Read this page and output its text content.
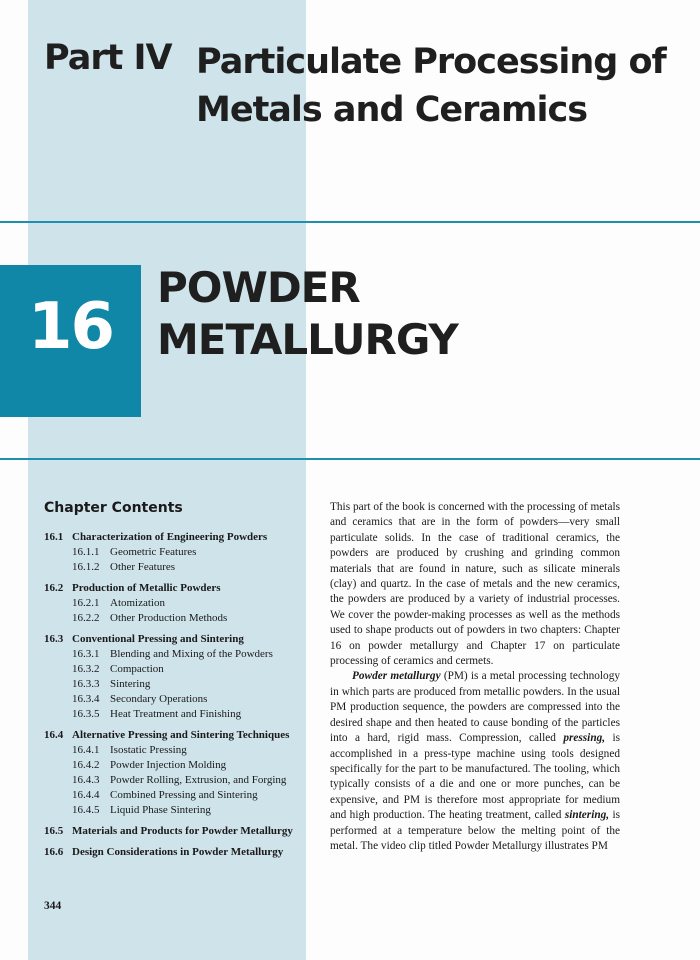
Part IV Particulate Processing of Metals and Ceramics
16
POWDER
METALLURGY
Chapter Contents
16.1 Characterization of Engineering Powders
16.1.1 Geometric Features
16.1.2 Other Features
16.2 Production of Metallic Powders
16.2.1 Atomization
16.2.2 Other Production Methods
16.3 Conventional Pressing and Sintering
16.3.1 Blending and Mixing of the Powders
16.3.2 Compaction
16.3.3 Sintering
16.3.4 Secondary Operations
16.3.5 Heat Treatment and Finishing
16.4 Alternative Pressing and Sintering Techniques
16.4.1 Isostatic Pressing
16.4.2 Powder Injection Molding
16.4.3 Powder Rolling, Extrusion, and Forging
16.4.4 Combined Pressing and Sintering
16.4.5 Liquid Phase Sintering
16.5 Materials and Products for Powder Metallurgy
16.6 Design Considerations in Powder Metallurgy

This part of the book is concerned with the processing of metals and ceramics that are in the form of powders—very small particulate solids. In the case of traditional ceramics, the powders are produced by crushing and grinding common materials that are found in nature, such as silicate minerals (clay) and quartz. In the case of metals and the new ceramics, the powders are produced by a variety of industrial processes. We cover the powder-making processes as well as the methods used to shape products out of powders in two chapters: Chapter 16 on powder metallurgy and Chapter 17 on particulate processing of ceramics and cermets.

Powder metallurgy (PM) is a metal processing technology in which parts are produced from metallic powders. In the usual PM production sequence, the powders are compressed into the desired shape and then heated to cause bonding of the particles into a hard, rigid mass. Compression, called pressing, is accomplished in a press-type machine using tools designed specifically for the part to be manufactured. The tooling, which typically consists of a die and one or more punches, can be expensive, and PM is therefore most appropriate for medium and high production. The heating treatment, called sintering, is performed at a temperature below the melting point of the metal. The video clip titled Powder Metallurgy illustrates PM

344
